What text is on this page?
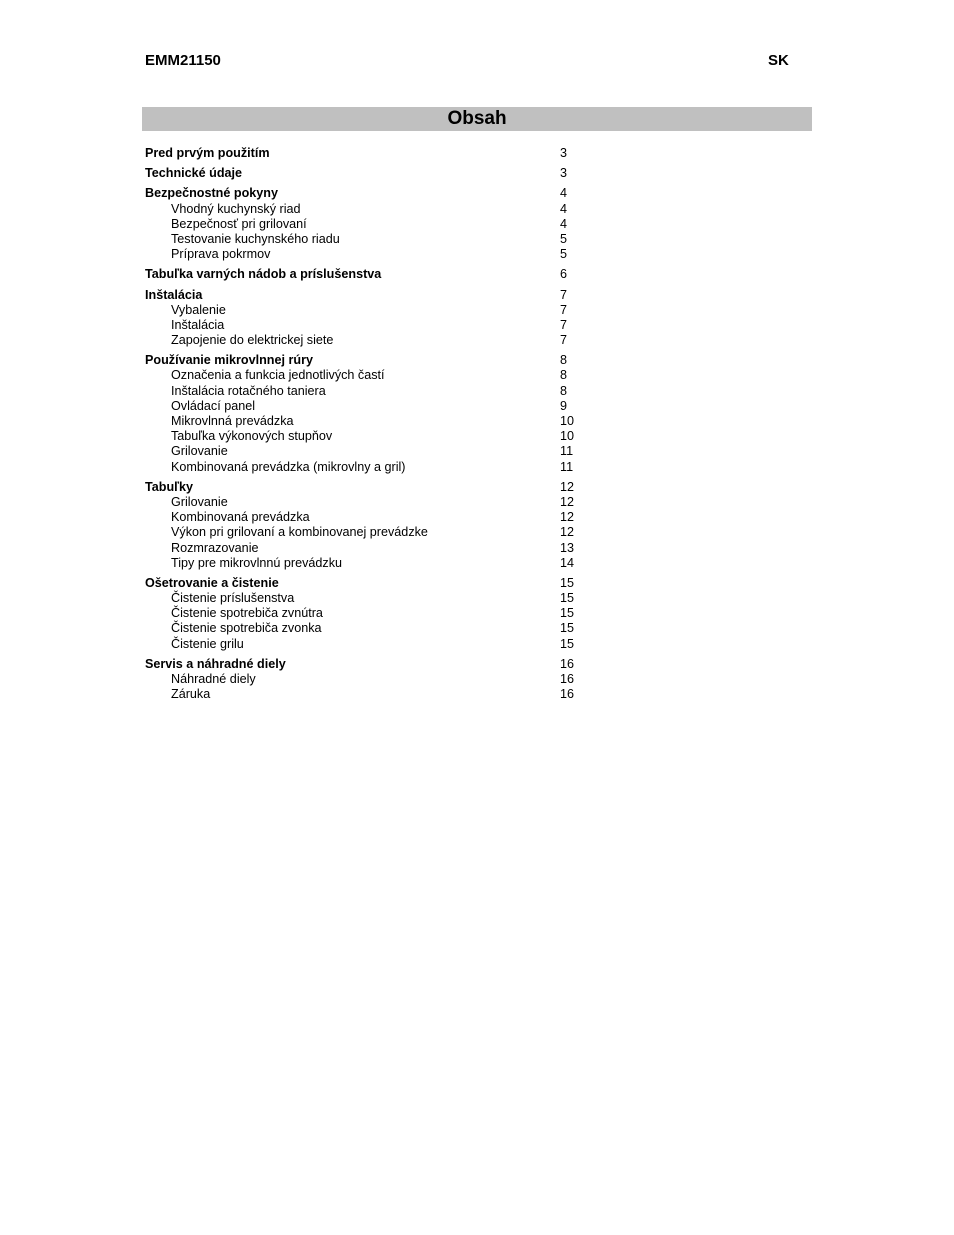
EMM21150	SK
Obsah
Pred prvým použitím	3
Technické údaje	3
Bezpečnostné pokyny	4
Vhodný kuchynský riad	4
Bezpečnosť pri grilovaní	4
Testovanie kuchynského riadu	5
Príprava pokrmov	5
Tabuľka varných nádob a príslušenstva	6
Inštalácia	7
Vybalenie	7
Inštalácia	7
Zapojenie do elektrickej siete	7
Používanie mikrovlnnej rúry	8
Označenia a funkcia jednotlivých častí	8
Inštalácia rotačného taniera	8
Ovládací panel	9
Mikrovlnná prevádzka	10
Tabuľka výkonových stupňov	10
Grilovanie	11
Kombinovaná prevádzka (mikrovlny a gril)	11
Tabuľky	12
Grilovanie	12
Kombinovaná prevádzka	12
Výkon pri grilovaní a kombinovanej prevádzke	12
Rozmrazovanie	13
Tipy pre mikrovlnnú prevádzku	14
Ošetrovanie a čistenie	15
Čistenie príslušenstva	15
Čistenie spotrebiča zvnútra	15
Čistenie spotrebiča zvonka	15
Čistenie grilu	15
Servis a náhradné diely	16
Náhradné diely	16
Záruka	16
